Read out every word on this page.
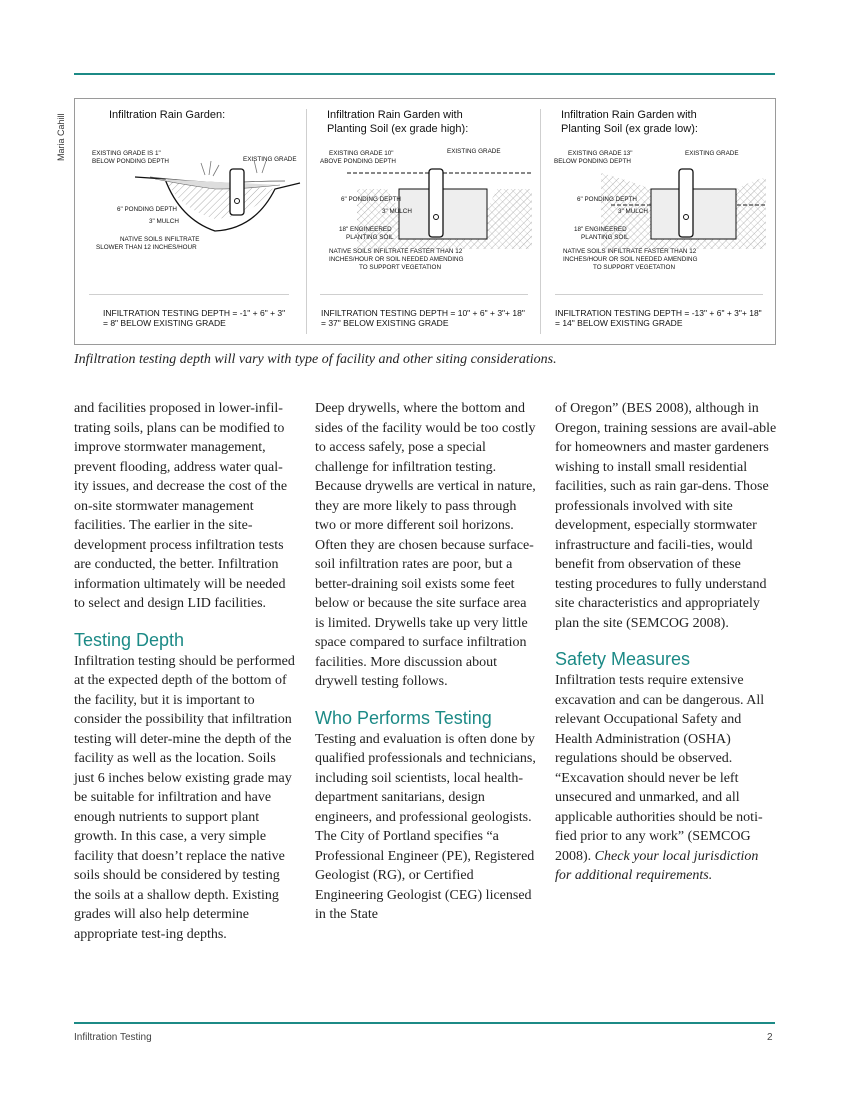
Maria Cahill	Infiltration Rain Garden:
EXISTING GRADE IS 1"
BELOW PONDING DEPTH	EXISTING GRADE
6" PONDING DEPTH
3" MULCH
NATIVE SOILS INFILTRATE
SLOWER THAN 12 INCHES/HOUR
INFILTRATION TESTING DEPTH = -1" + 6" + 3"
= 8" BELOW EXISTING GRADE
Infiltration Rain Garden with
Planting Soil (ex grade high):
EXISTING GRADE 10"
ABOVE PONDING DEPTH
EXISTING GRADE
6" PONDING DEPTH
3" MULCH
18" ENGINEERED
PLANTING SOIL
NATIVE SOILS INFILTRATE FASTER THAN 12
INCHES/HOUR OR SOIL NEEDED AMENDING
TO SUPPORT VEGETATION
INFILTRATION TESTING DEPTH = 10" + 6" + 3"+ 18"
= 37" BELOW EXISTING GRADE
Infiltration Rain Garden with
Planting Soil (ex grade low):
EXISTING GRADE 13"
BELOW PONDING DEPTH
EXISTING GRADE
6" PONDING DEPTH
3" MULCH
18" ENGINEERED
PLANTING SOIL
NATIVE SOILS INFILTRATE FASTER THAN 12
INCHES/HOUR OR SOIL NEEDED AMENDING
TO SUPPORT VEGETATION
INFILTRATION TESTING DEPTH = -13" + 6" + 3"+ 18"
= 14" BELOW EXISTING GRADE
Infiltration testing depth will vary with type of facility and other siting considerations.

and facilities proposed in lower-infil-trating soils, plans can be modified to improve stormwater management, prevent flooding, address water qual-ity issues, and decrease the cost of the on-site stormwater management facilities. The earlier in the site-development process infiltration tests are conducted, the better. Infiltration information ultimately will be needed to select and design LID facilities.

Testing Depth

Infiltration testing should be performed at the expected depth of the bottom of the facility, but it is important to consider the possibility that infiltration testing will deter-mine the depth of the facility as well as the location. Soils just 6 inches below existing grade may be suitable for infiltration and have enough nutrients to support plant growth. In this case, a very simple facility that doesn’t replace the native soils should be considered by testing the soils at a shallow depth. Existing grades will also help determine appropriate test-ing depths.

Deep drywells, where the bottom and sides of the facility would be too costly to access safely, pose a special challenge for infiltration testing. Because drywells are vertical in nature, they are more likely to pass through two or more different soil horizons. Often they are chosen because surface-soil infiltration rates are poor, but a better-draining soil exists some feet below or because the site surface area is limited. Drywells take up very little space compared to surface infiltration facilities. More discussion about drywell testing follows.

Who Performs Testing

Testing and evaluation is often done by qualified professionals and technicians, including soil scientists, local health-department sanitarians, design engineers, and professional geologists. The City of Portland specifies “a Professional Engineer (PE), Registered Geologist (RG), or Certified Engineering Geologist (CEG) licensed in the State

of Oregon” (BES 2008), although in Oregon, training sessions are avail-able for homeowners and master gardeners wishing to install small residential facilities, such as rain gar-dens. Those professionals involved with site development, especially stormwater infrastructure and facili-ties, would benefit from observation of these testing procedures to fully understand site characteristics and appropriately plan the site (SEMCOG 2008).

Safety Measures

Infiltration tests require extensive excavation and can be dangerous. All relevant Occupational Safety and Health Administration (OSHA) regulations should be observed. “Excavation should never be left unsecured and unmarked, and all applicable authorities should be noti-fied prior to any work” (SEMCOG 2008). Check your local jurisdiction for additional requirements.

Infiltration Testing	2
